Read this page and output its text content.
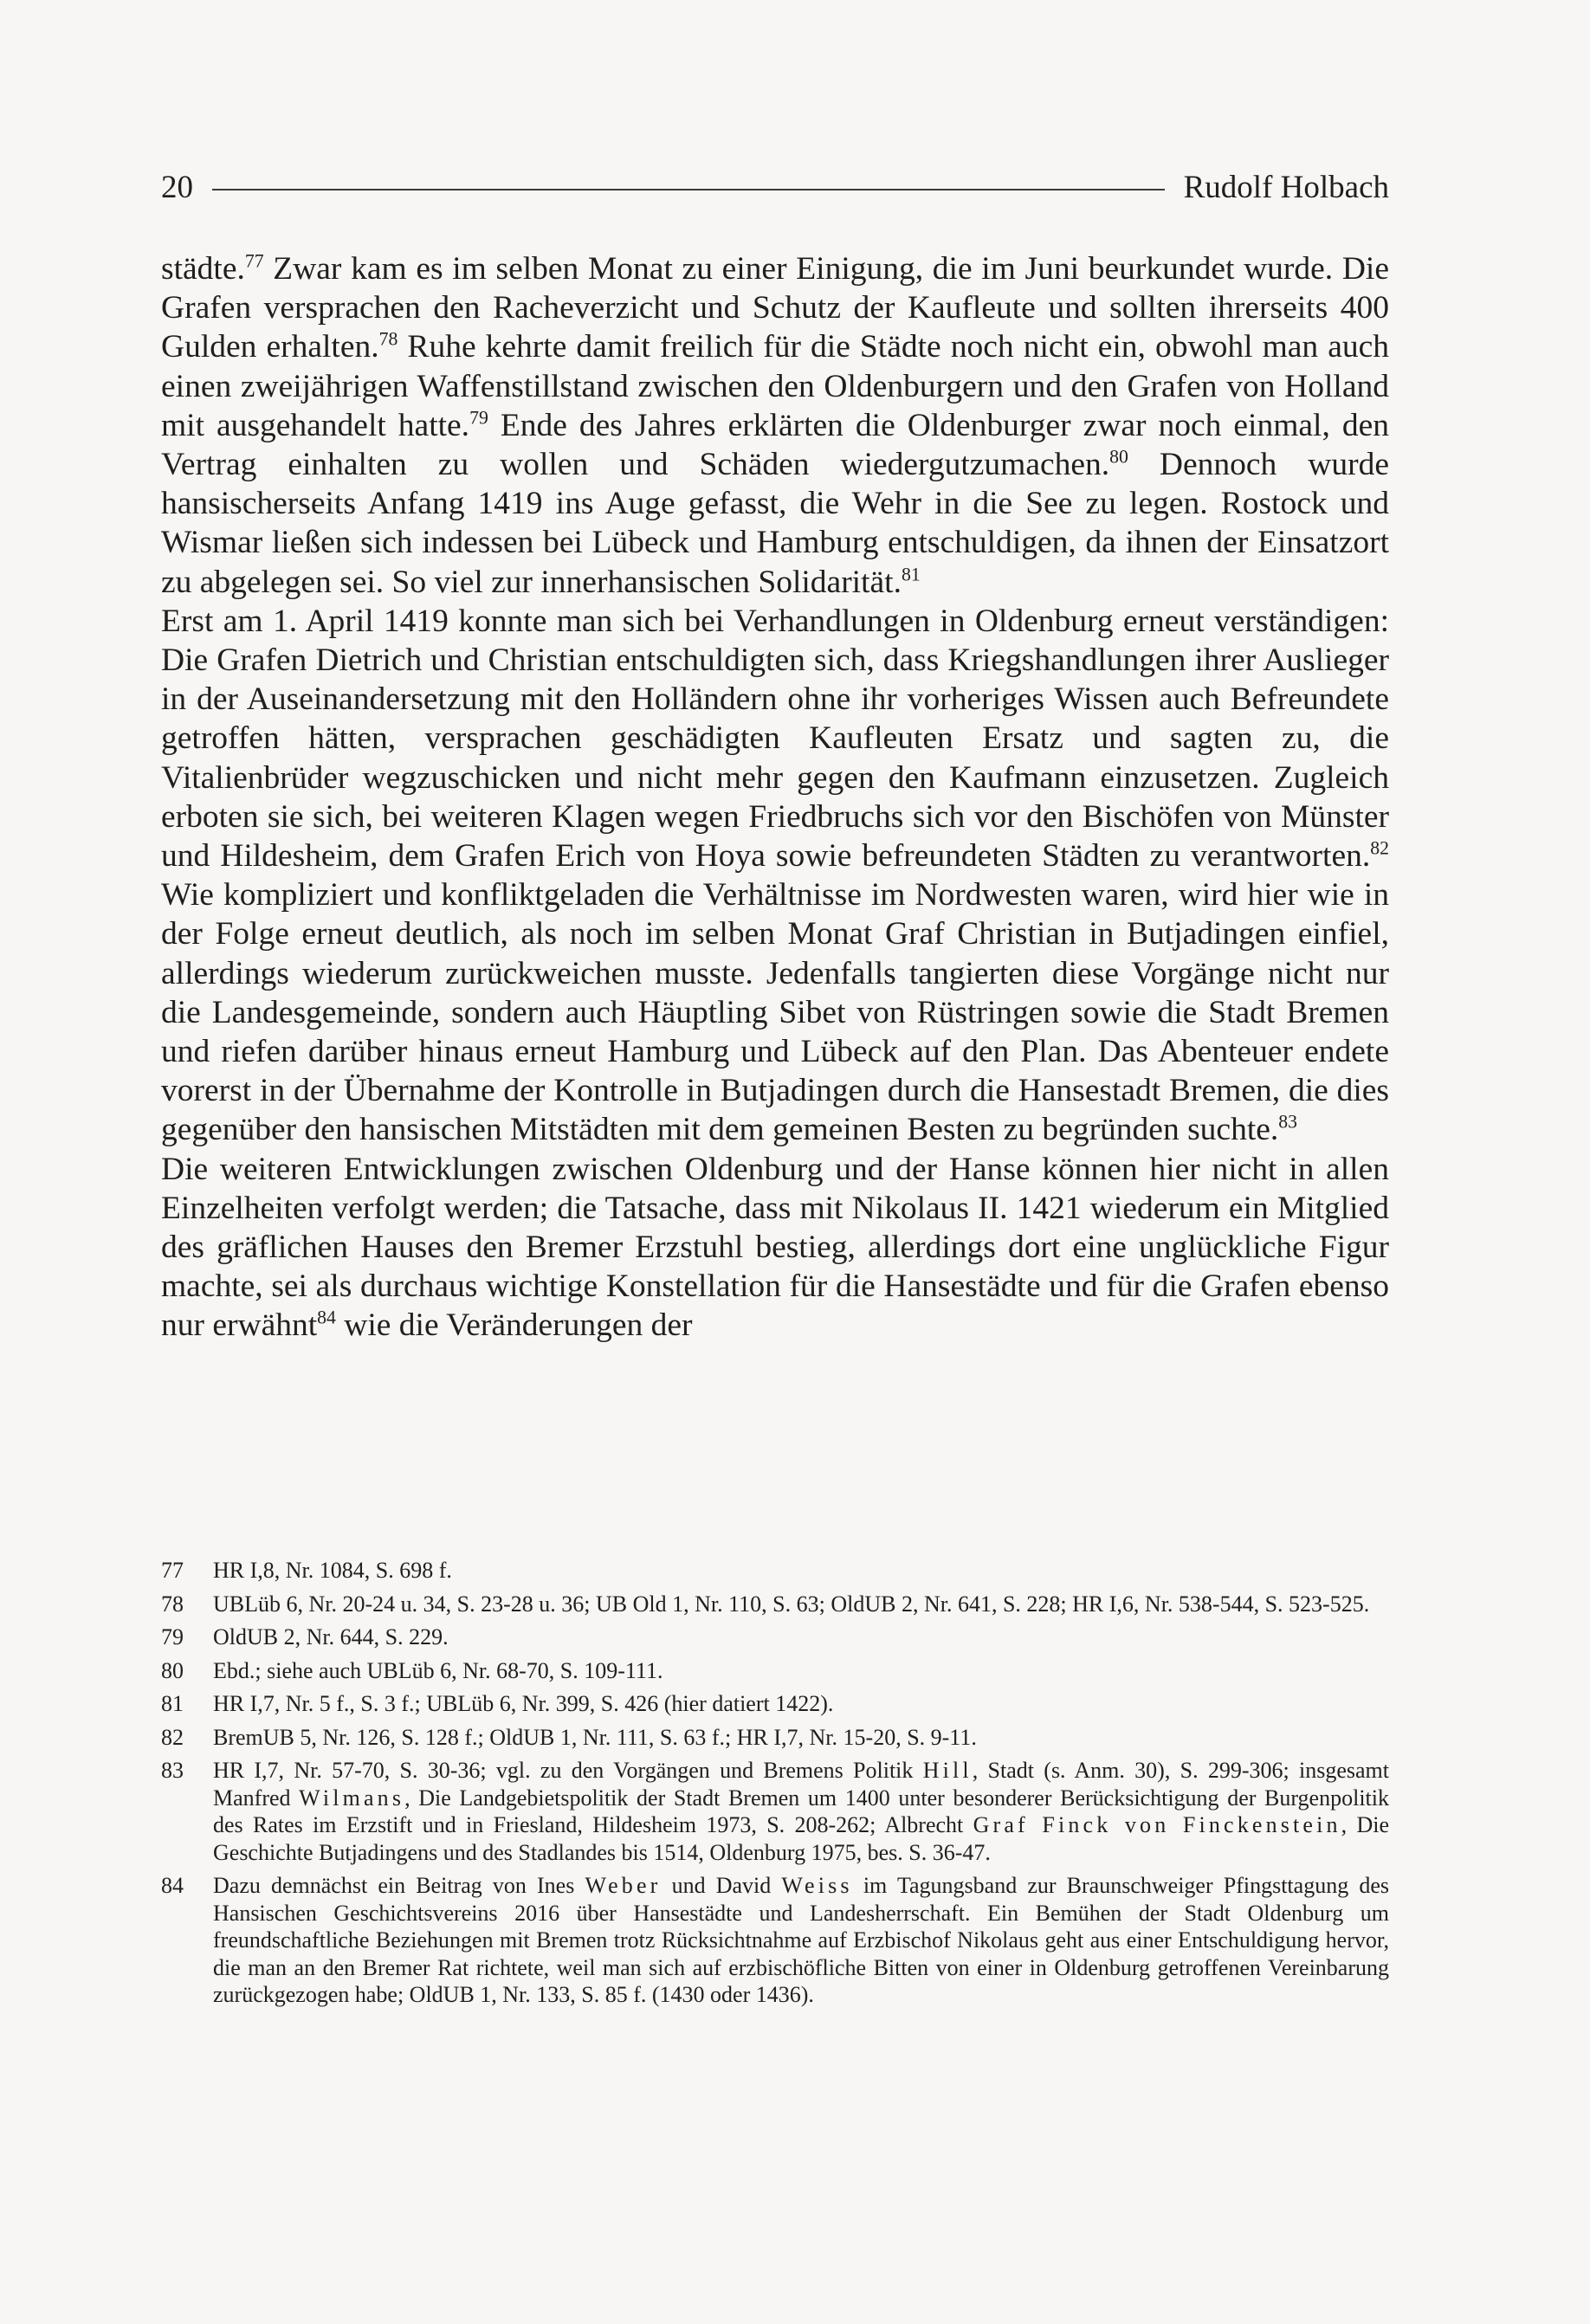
20	Rudolf Holbach

städte.$^{77}$ Zwar kam es im selben Monat zu einer Einigung, die im Juni beurkundet wurde. Die Grafen versprachen den Racheverzicht und Schutz der Kaufleute und sollten ihrerseits 400 Gulden erhalten.$^{78}$ Ruhe kehrte damit freilich für die Städte noch nicht ein, obwohl man auch einen zweijährigen Waffenstillstand zwischen den Oldenburgern und den Grafen von Holland mit ausgehandelt hatte.$^{79}$ Ende des Jahres erklärten die Oldenburger zwar noch einmal, den Vertrag einhalten zu wollen und Schäden wiedergutzumachen.$^{80}$ Dennoch wurde hansischerseits Anfang 1419 ins Auge gefasst, die Wehr in die See zu legen. Rostock und Wismar ließen sich indessen bei Lübeck und Hamburg entschuldigen, da ihnen der Einsatzort zu abgelegen sei. So viel zur innerhansischen Solidarität.$^{81}$

Erst am 1. April 1419 konnte man sich bei Verhandlungen in Oldenburg erneut verständigen: Die Grafen Dietrich und Christian entschuldigten sich, dass Kriegshandlungen ihrer Auslieger in der Auseinandersetzung mit den Holländern ohne ihr vorheriges Wissen auch Befreundete getroffen hätten, versprachen geschädigten Kaufleuten Ersatz und sagten zu, die Vitalienbrüder wegzuschicken und nicht mehr gegen den Kaufmann einzusetzen. Zugleich erboten sie sich, bei weiteren Klagen wegen Friedbruchs sich vor den Bischöfen von Münster und Hildesheim, dem Grafen Erich von Hoya sowie befreundeten Städten zu verantworten.$^{82}$ Wie kompliziert und konfliktgeladen die Verhältnisse im Nordwesten waren, wird hier wie in der Folge erneut deutlich, als noch im selben Monat Graf Christian in Butjadingen einfiel, allerdings wiederum zurückweichen musste. Jedenfalls tangierten diese Vorgänge nicht nur die Landesgemeinde, sondern auch Häuptling Sibet von Rüstringen sowie die Stadt Bremen und riefen darüber hinaus erneut Hamburg und Lübeck auf den Plan. Das Abenteuer endete vorerst in der Übernahme der Kontrolle in Butjadingen durch die Hansestadt Bremen, die dies gegenüber den hansischen Mitstädten mit dem gemeinen Besten zu begründen suchte.$^{83}$

Die weiteren Entwicklungen zwischen Oldenburg und der Hanse können hier nicht in allen Einzelheiten verfolgt werden; die Tatsache, dass mit Nikolaus II. 1421 wiederum ein Mitglied des gräflichen Hauses den Bremer Erzstuhl bestieg, allerdings dort eine unglückliche Figur machte, sei als durchaus wichtige Konstellation für die Hansestädte und für die Grafen ebenso nur erwähnt$^{84}$ wie die Veränderungen der

77	HR I,8, Nr. 1084, S. 698 f.
78	UBLüb 6, Nr. 20-24 u. 34, S. 23-28 u. 36; UB Old 1, Nr. 110, S. 63; OldUB 2, Nr. 641, S. 228; HR I,6, Nr. 538-544, S. 523-525.
79	OldUB 2, Nr. 644, S. 229.
80	Ebd.; siehe auch UBLüb 6, Nr. 68-70, S. 109-111.
81	HR I,7, Nr. 5 f., S. 3 f.; UBLüb 6, Nr. 399, S. 426 (hier datiert 1422).
82	BremUB 5, Nr. 126, S. 128 f.; OldUB 1, Nr. 111, S. 63 f.; HR I,7, Nr. 15-20, S. 9-11.
83	HR I,7, Nr. 57-70, S. 30-36; vgl. zu den Vorgängen und Bremens Politik Hill, Stadt (s. Anm. 30), S. 299-306; insgesamt Manfred Wilmans, Die Landgebietspolitik der Stadt Bremen um 1400 unter besonderer Berücksichtigung der Burgenpolitik des Rates im Erzstift und in Friesland, Hildesheim 1973, S. 208-262; Albrecht Graf Finck von Finckenstein, Die Geschichte Butjadingens und des Stadlandes bis 1514, Oldenburg 1975, bes. S. 36-47.
84	Dazu demnächst ein Beitrag von Ines Weber und David Weiss im Tagungsband zur Braunschweiger Pfingsttagung des Hansischen Geschichtsvereins 2016 über Hansestädte und Landesherrschaft. Ein Bemühen der Stadt Oldenburg um freundschaftliche Beziehungen mit Bremen trotz Rücksichtnahme auf Erzbischof Nikolaus geht aus einer Entschuldigung hervor, die man an den Bremer Rat richtete, weil man sich auf erzbischöfliche Bitten von einer in Oldenburg getroffenen Vereinbarung zurückgezogen habe; OldUB 1, Nr. 133, S. 85 f. (1430 oder 1436).
